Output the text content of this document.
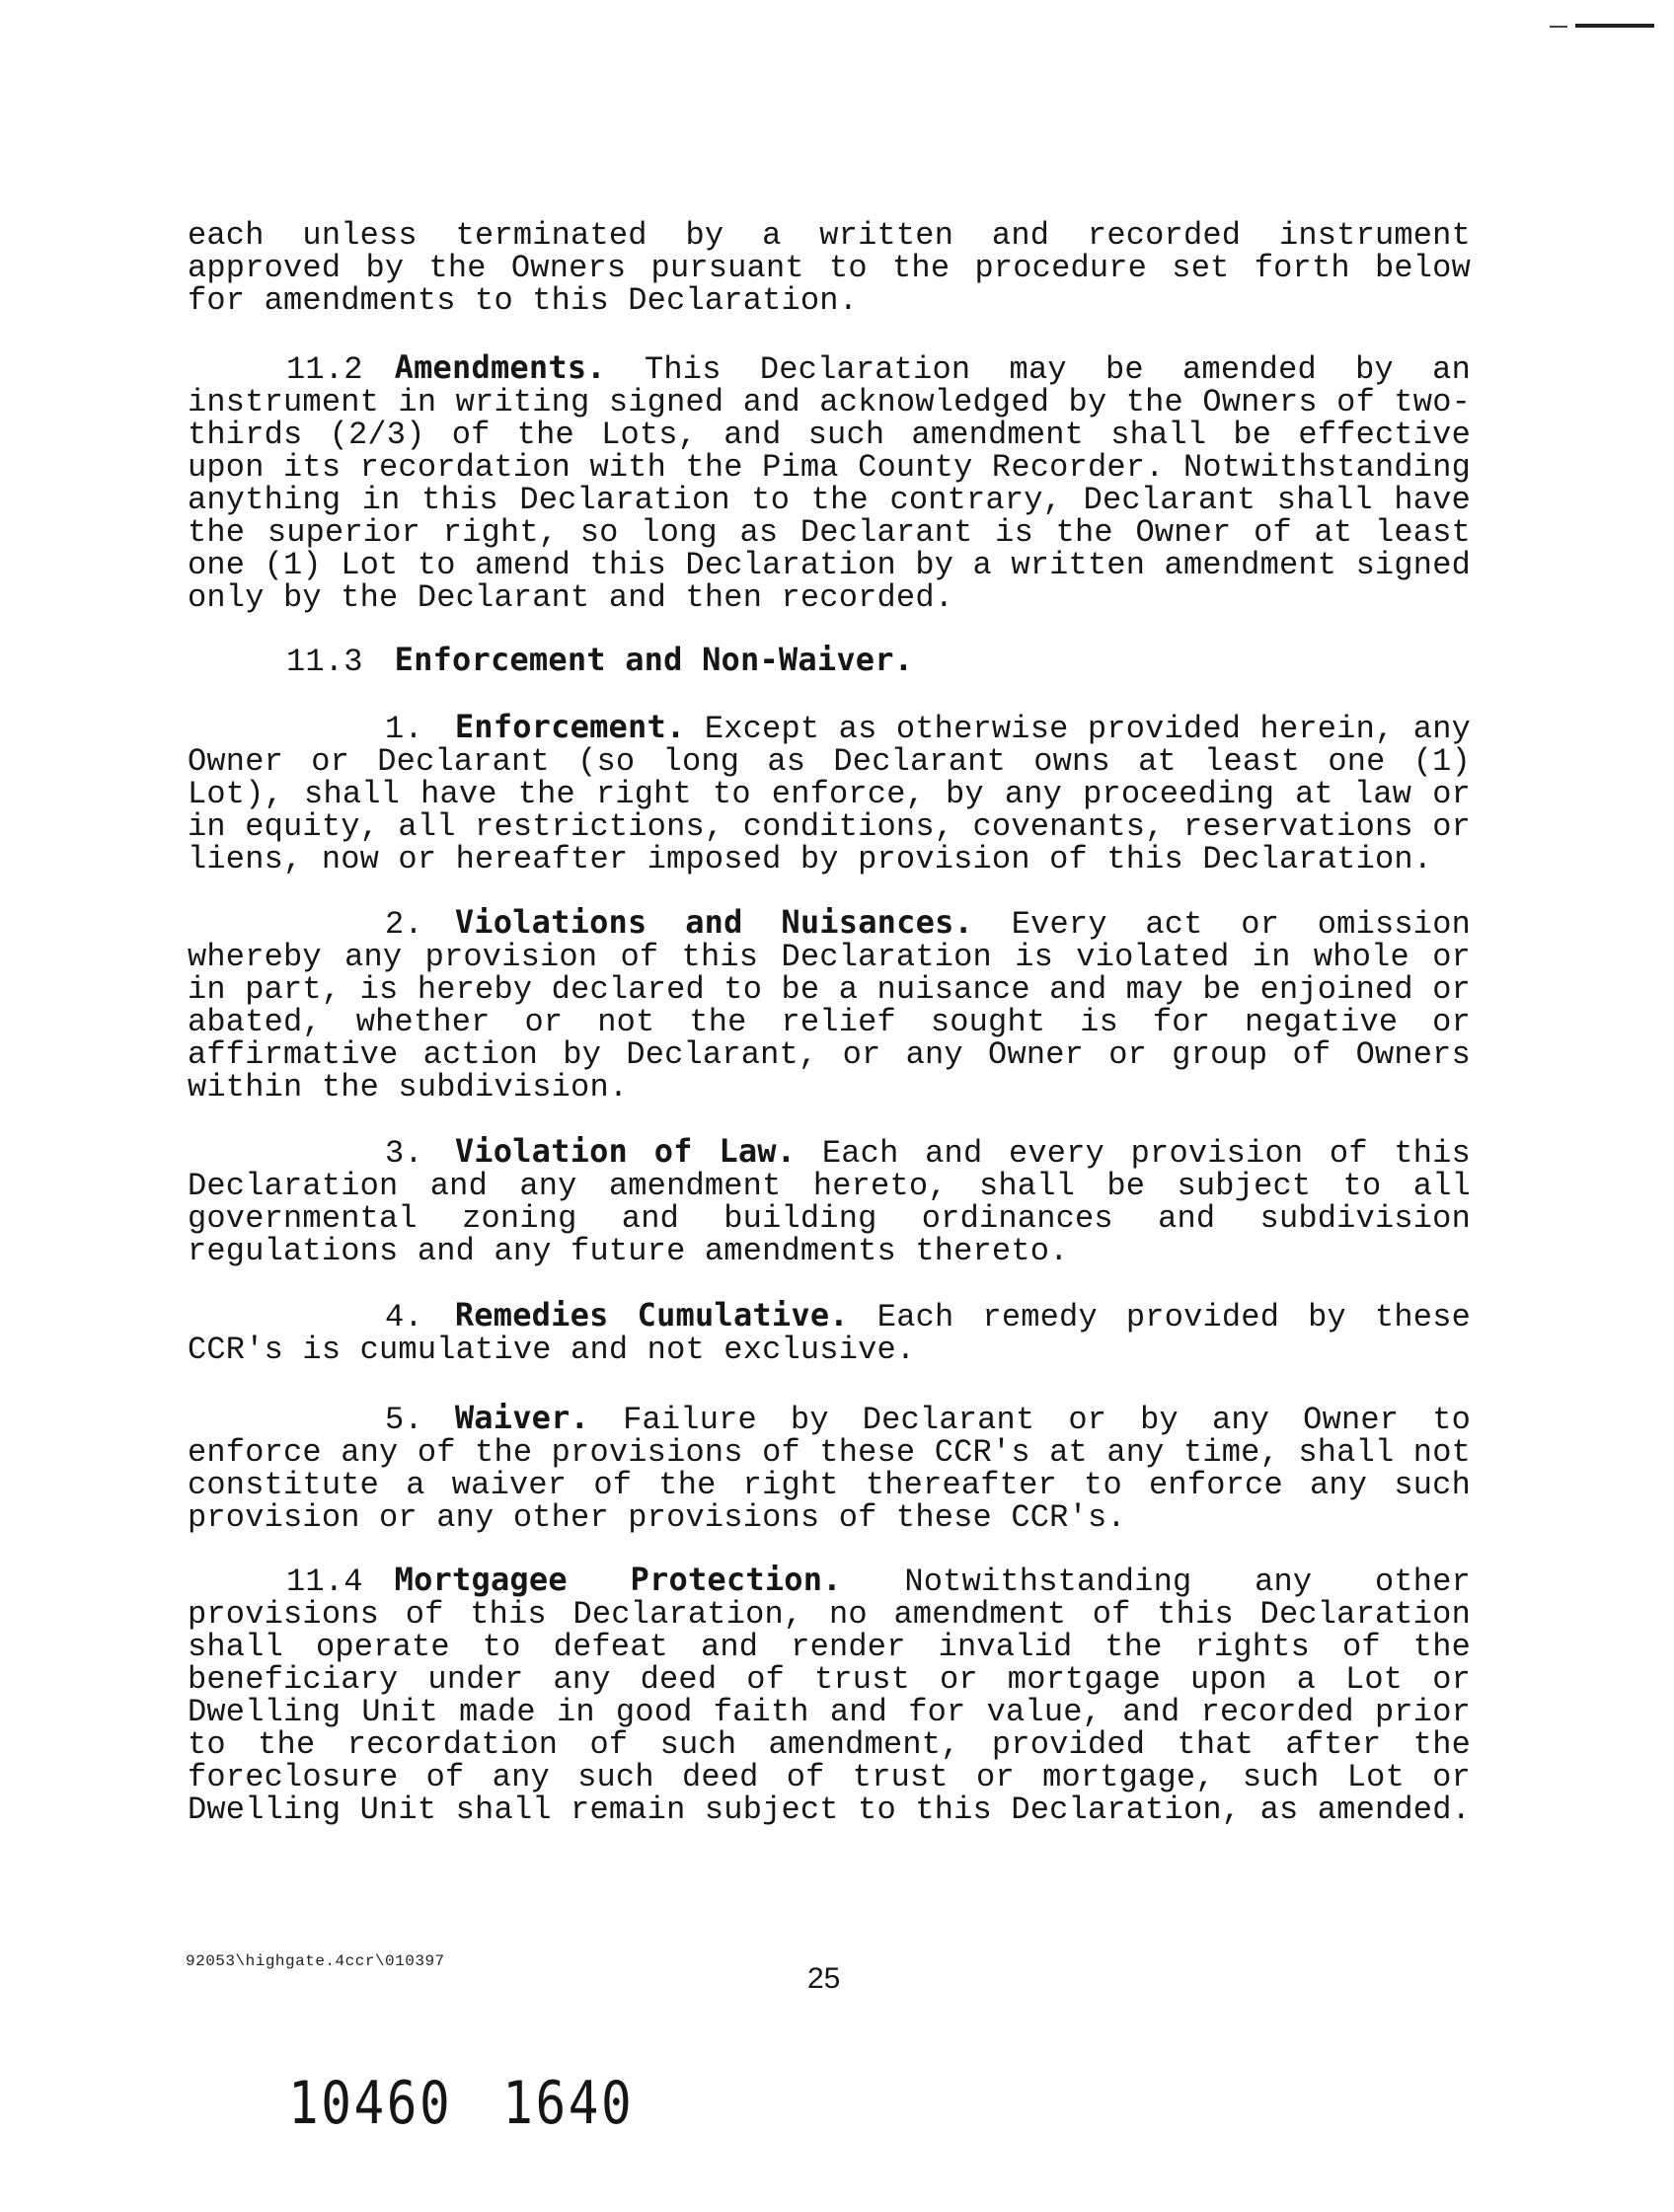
each unless terminated by a written and recorded instrument approved by the Owners pursuant to the procedure set forth below for amendments to this Declaration.
11.2 Amendments. This Declaration may be amended by an instrument in writing signed and acknowledged by the Owners of two-thirds (2/3) of the Lots, and such amendment shall be effective upon its recordation with the Pima County Recorder. Notwithstanding anything in this Declaration to the contrary, Declarant shall have the superior right, so long as Declarant is the Owner of at least one (1) Lot to amend this Declaration by a written amendment signed only by the Declarant and then recorded.
11.3 Enforcement and Non-Waiver.
1. Enforcement. Except as otherwise provided herein, any Owner or Declarant (so long as Declarant owns at least one (1) Lot), shall have the right to enforce, by any proceeding at law or in equity, all restrictions, conditions, covenants, reservations or liens, now or hereafter imposed by provision of this Declaration.
2. Violations and Nuisances. Every act or omission whereby any provision of this Declaration is violated in whole or in part, is hereby declared to be a nuisance and may be enjoined or abated, whether or not the relief sought is for negative or affirmative action by Declarant, or any Owner or group of Owners within the subdivision.
3. Violation of Law. Each and every provision of this Declaration and any amendment hereto, shall be subject to all governmental zoning and building ordinances and subdivision regulations and any future amendments thereto.
4. Remedies Cumulative. Each remedy provided by these CCR's is cumulative and not exclusive.
5. Waiver. Failure by Declarant or by any Owner to enforce any of the provisions of these CCR's at any time, shall not constitute a waiver of the right thereafter to enforce any such provision or any other provisions of these CCR's.
11.4 Mortgagee Protection. Notwithstanding any other provisions of this Declaration, no amendment of this Declaration shall operate to defeat and render invalid the rights of the beneficiary under any deed of trust or mortgage upon a Lot or Dwelling Unit made in good faith and for value, and recorded prior to the recordation of such amendment, provided that after the foreclosure of any such deed of trust or mortgage, such Lot or Dwelling Unit shall remain subject to this Declaration, as amended.
92053\highgate.4ccr\010397
25
10460 1640
